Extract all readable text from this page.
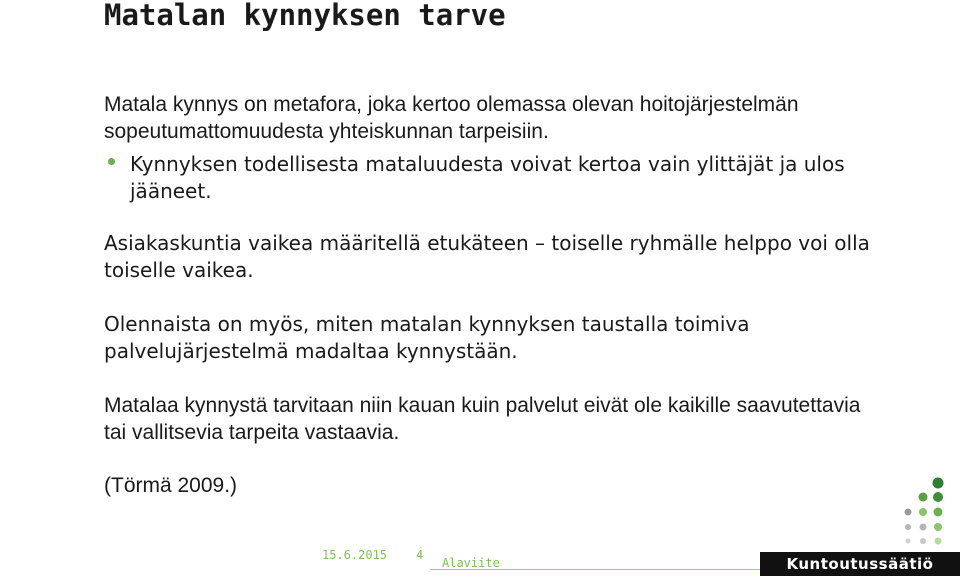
Matalan kynnyksen tarve

Matala kynnys on metafora, joka kertoo olemassa olevan hoitojärjestelmän sopeutumattomuudesta yhteiskunnan tarpeisiin.

Kynnyksen todellisesta mataluudesta voivat kertoa vain ylittäjät ja ulos jääneet.

Asiakaskuntia vaikea määritellä etukäteen – toiselle ryhmälle helppo voi olla toiselle vaikea.

Olennaista on myös, miten matalan kynnyksen taustalla toimiva palvelujärjestelmä madaltaa kynnystään.

Matalaa kynnystä tarvitaan niin kauan kuin palvelut eivät ole kaikille saavutettavia tai vallitsevia tarpeita vastaavia.

(Törmä 2009.)

15.6.2015 4
Alaviite	Kuntoutussäätiö
